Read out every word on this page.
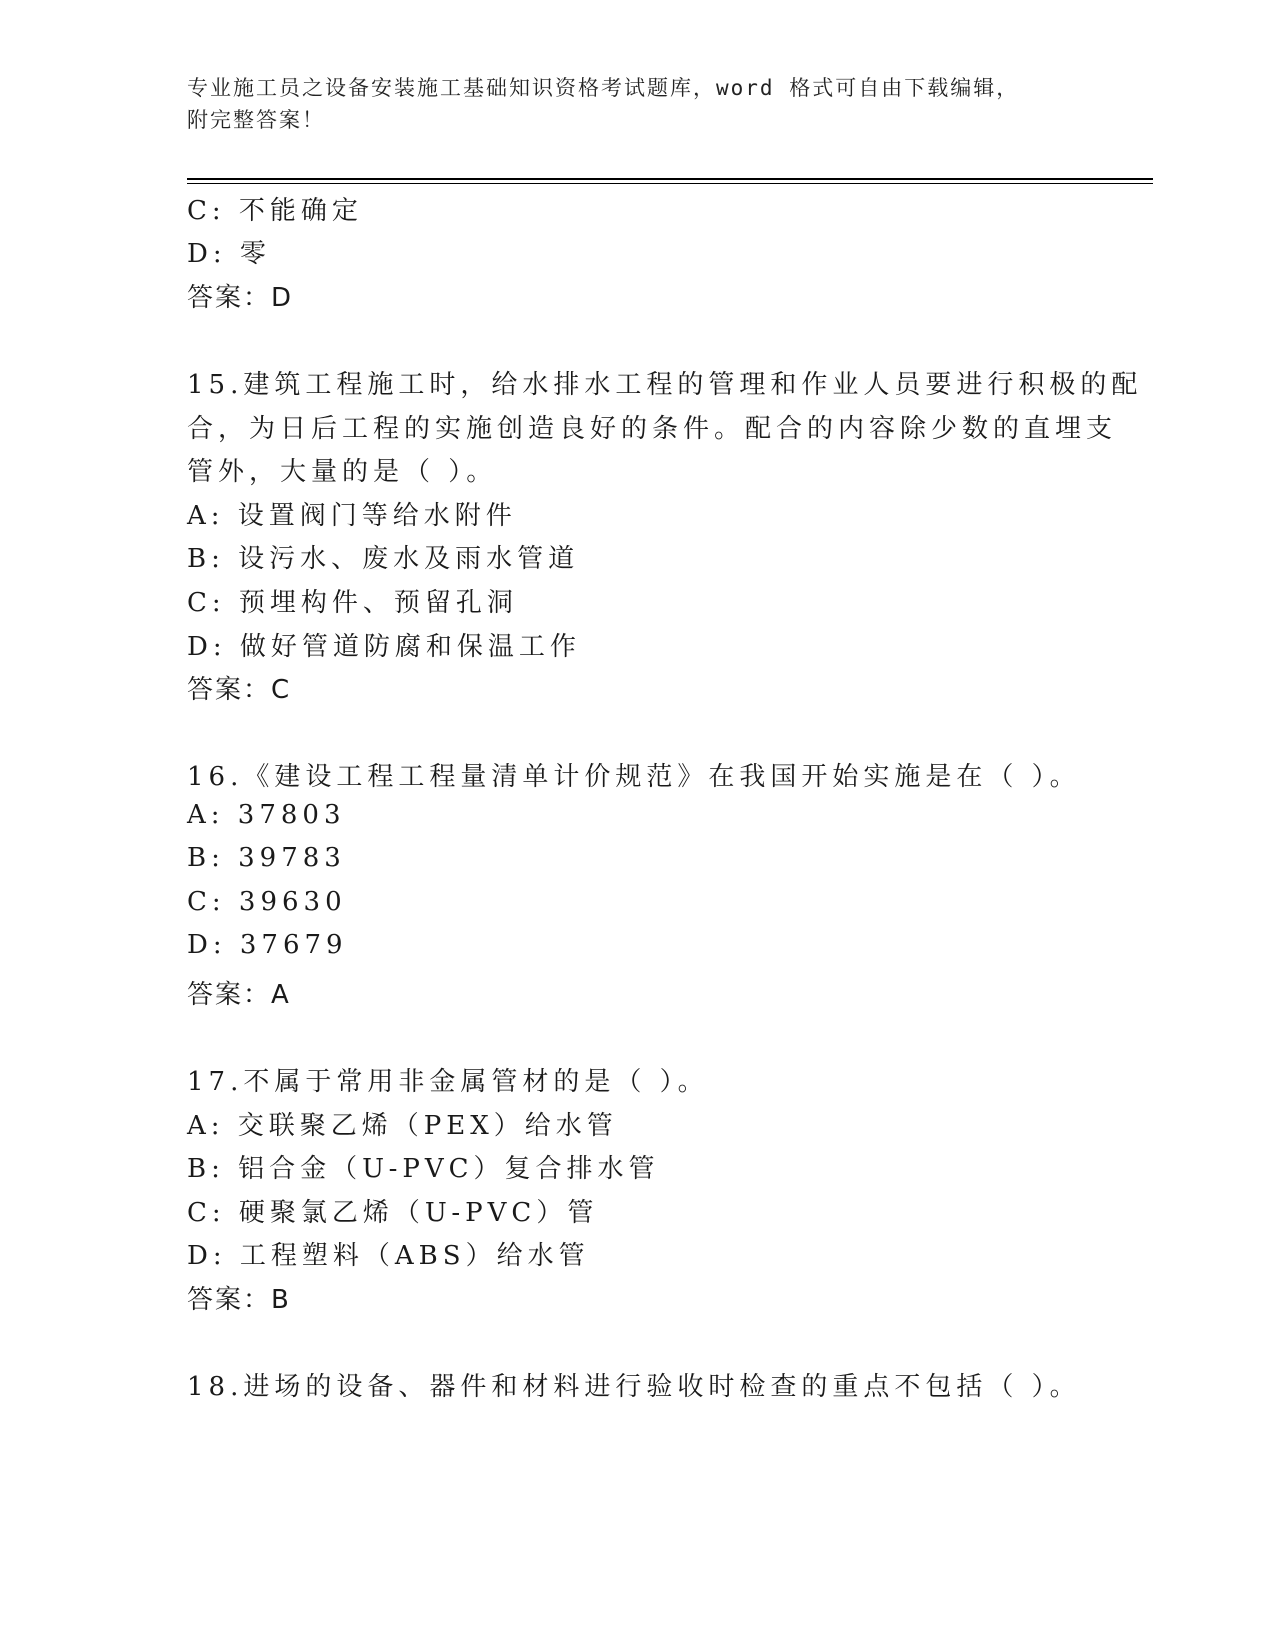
专业施工员之设备安装施工基础知识资格考试题库，word 格式可自由下载编辑，
附完整答案！
C: 不能确定
D: 零
答案：D
15.建筑工程施工时，给水排水工程的管理和作业人员要进行积极的配
合，为日后工程的实施创造良好的条件。配合的内容除少数的直埋支
管外，大量的是（ ）。
A: 设置阀门等给水附件
B: 设污水、废水及雨水管道
C: 预埋构件、预留孔洞
D: 做好管道防腐和保温工作
答案：C
16.《建设工程工程量清单计价规范》在我国开始实施是在（ ）。
A: 37803
B: 39783
C: 39630
D: 37679
答案：A
17.不属于常用非金属管材的是（ ）。
A: 交联聚乙烯（PEX）给水管
B: 铝合金（U-PVC）复合排水管
C: 硬聚氯乙烯（U-PVC）管
D: 工程塑料（ABS）给水管
答案：B
18.进场的设备、器件和材料进行验收时检查的重点不包括（ ）。
